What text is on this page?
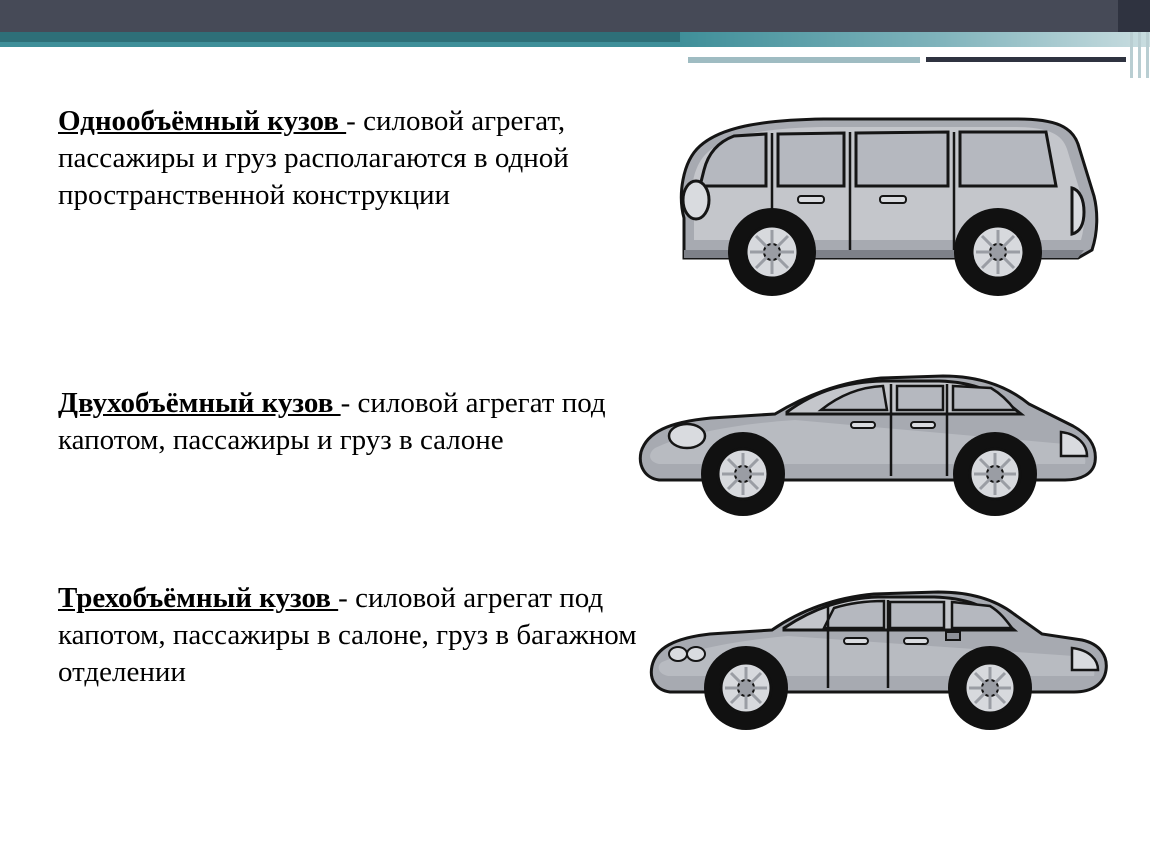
Однообъёмный кузов - силовой агрегат, пассажиры и груз располагаются в одной пространственной конструкции
Двухобъёмный кузов - силовой агрегат под капотом, пассажиры и груз в салоне
Трехобъёмный кузов - силовой агрегат под капотом, пассажиры в салоне, груз в багажном отделении
